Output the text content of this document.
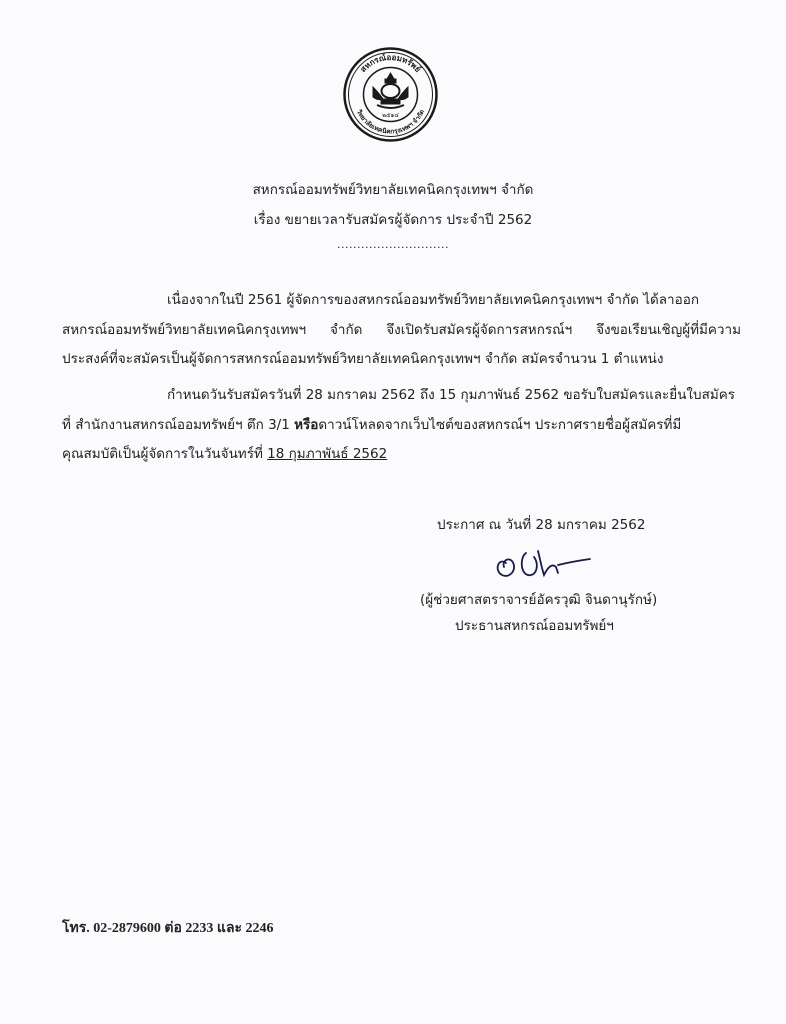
สหกรณ์ออมทรัพย์
วิทยาลัยเทคนิคกรุงเทพฯ จำกัด
๒๕๑๔
สหกรณ์ออมทรัพย์วิทยาลัยเทคนิคกรุงเทพฯ จำกัด
เรื่อง ขยายเวลารับสมัครผู้จัดการ ประจำปี 2562
............................
เนื่องจากในปี 2561 ผู้จัดการของสหกรณ์ออมทรัพย์วิทยาลัยเทคนิคกรุงเทพฯ จำกัด ได้ลาออก
สหกรณ์ออมทรัพย์วิทยาลัยเทคนิคกรุงเทพฯ จำกัด จึงเปิดรับสมัครผู้จัดการสหกรณ์ฯ จึงขอเรียนเชิญผู้ที่มีความ
ประสงค์ที่จะสมัครเป็นผู้จัดการสหกรณ์ออมทรัพย์วิทยาลัยเทคนิคกรุงเทพฯ จำกัด สมัครจำนวน 1 ตำแหน่ง
กำหนดวันรับสมัครวันที่ 28 มกราคม 2562 ถึง 15 กุมภาพันธ์ 2562 ขอรับใบสมัครและยื่นใบสมัคร
ที่ สำนักงานสหกรณ์ออมทรัพย์ฯ ตึก 3/1 หรือดาวน์โหลดจากเว็บไซต์ของสหกรณ์ฯ ประกาศรายชื่อผู้สมัครที่มี
คุณสมบัติเป็นผู้จัดการในวันจันทร์ที่ 18 กุมภาพันธ์ 2562
ประกาศ ณ วันที่ 28 มกราคม 2562
(ผู้ช่วยศาสตราจารย์อัครวุฒิ จินดานุรักษ์)
ประธานสหกรณ์ออมทรัพย์ฯ
โทร. 02-2879600 ต่อ 2233 และ 2246
